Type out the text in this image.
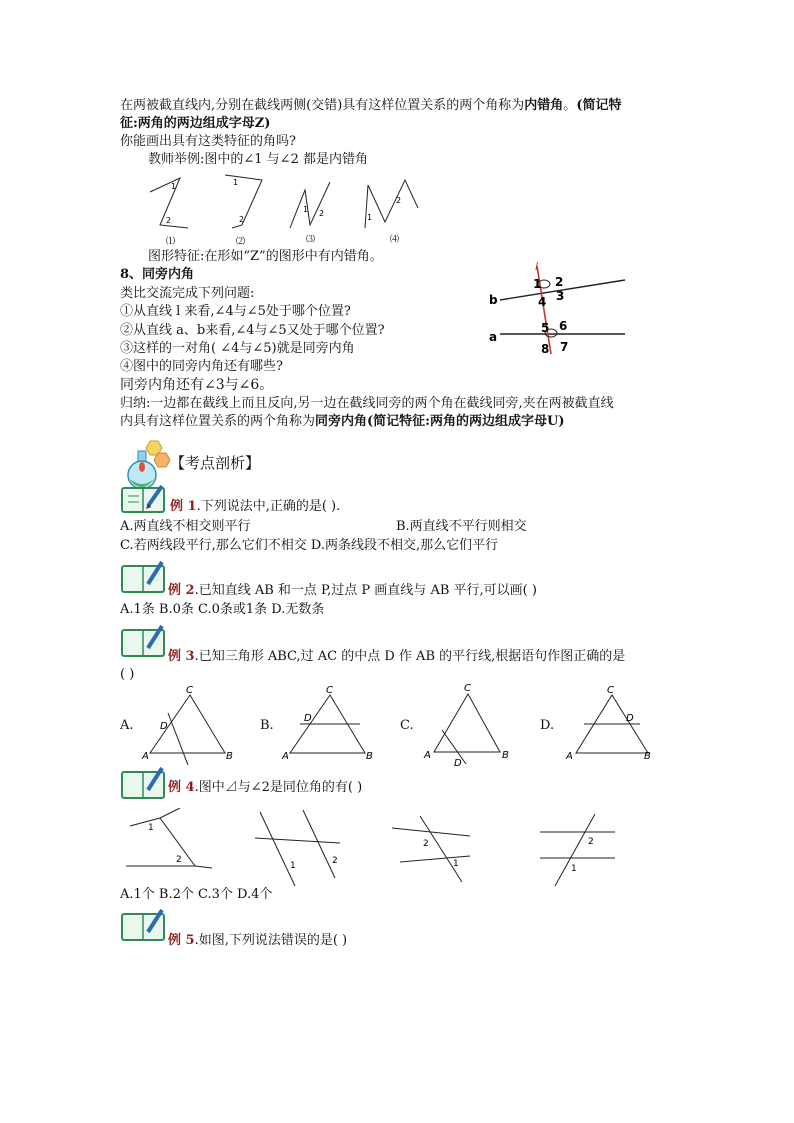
在两被截直线内,分别在截线两侧(交错)具有这样位置关系的两个角称为内错角。(简记特
征:两角的两边组成字母Z)
你能画出具有这类特征的角吗?
教师举例:图中的∠1 与∠2 都是内错角
1
2
1
2
1 2	1
2
⑴	⑵	⑶	⑷
图形特征:在形如“Z”的图形中有内错角。
8、同旁内角
类比交流完成下列问题:
①从直线 l 来看,∠4与∠5处于哪个位置?
②从直线 a、b来看,∠4与∠5又处于哪个位置?
③这样的一对角( ∠4与∠5)就是同旁内角
④图中的同旁内角还有哪些?
同旁内角还有∠3与∠6。
归纳:一边都在截线上而且反向,另一边在截线同旁的两个角在截线同旁,夹在两被截直线
内具有这样位置关系的两个角称为同旁内角(简记特征:两角的两边组成字母U)
l
b
a
1 2
3
4
5 6
7
8
【考点剖析】
例 1.下列说法中,正确的是( ).
A.两直线不相交则平行	B.两直线不平行则相交
C.若两线段平行,那么它们不相交 D.两条线段不相交,那么它们平行
例 2.已知直线 AB 和一点 P,过点 P 画直线与 AB 平行,可以画( )
A.1条 B.0条 C.0条或1条 D.无数条
例 3.已知三角形 ABC,过 AC 的中点 D 作 AB 的平行线,根据语句作图正确的是
( )
A.	B.	C.	D.
C
A	B
D
C
A	B
D
C
A	B
D
C
A	B
D
例 4.图中⊿与∠2是同位角的有( )
1
2
1	2
2
1
2
1
A.1个 B.2个 C.3个 D.4个
例 5.如图,下列说法错误的是( )
